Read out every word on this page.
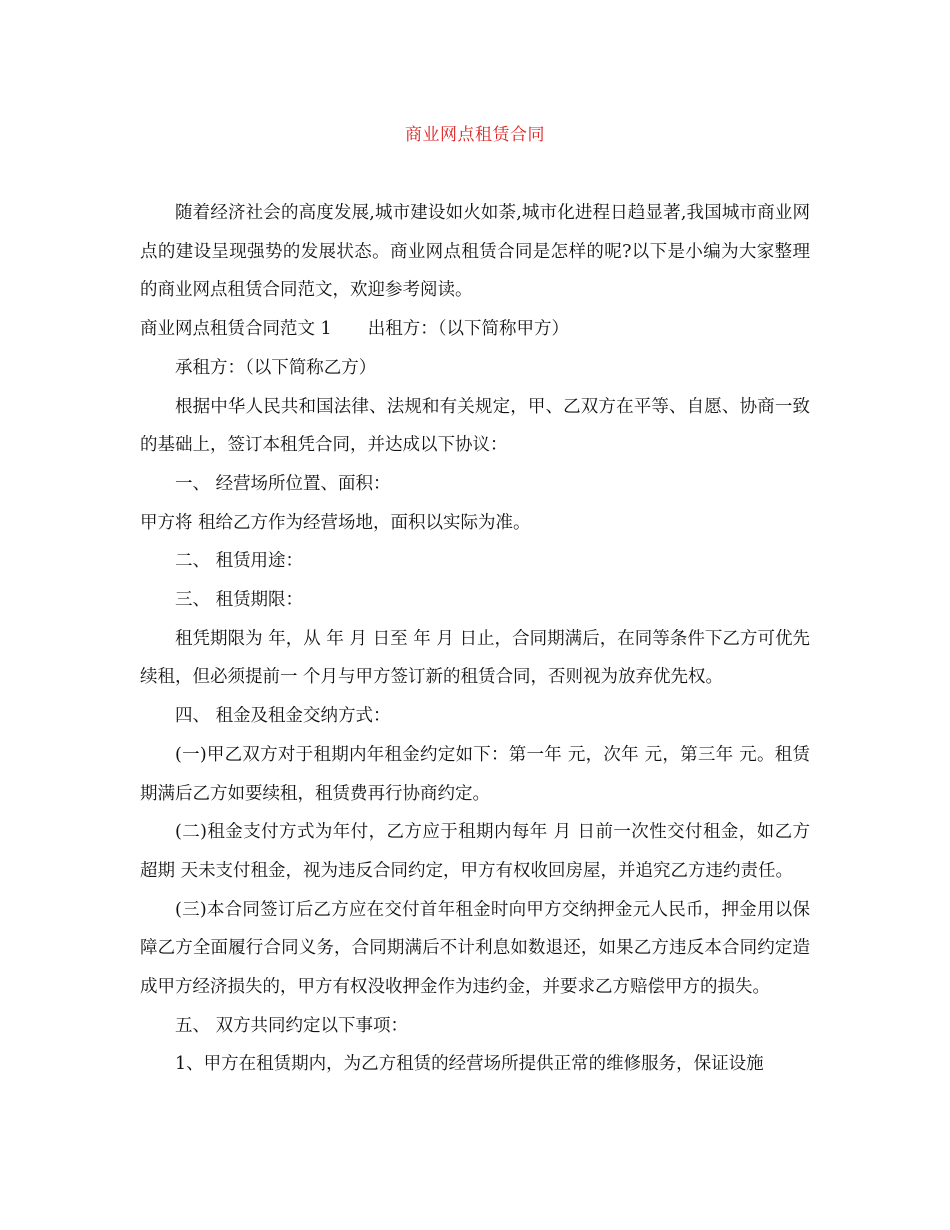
商业网点租赁合同

随着经济社会的高度发展,城市建设如火如荼,城市化进程日趋显著,我国城市商业网点的建设呈现强势的发展状态。商业网点租赁合同是怎样的呢?以下是小编为大家整理的商业网点租赁合同范文，欢迎参考阅读。

商业网点租赁合同范文 1 出租方：（以下简称甲方）

承租方：（以下简称乙方）

根据中华人民共和国法律、法规和有关规定，甲、乙双方在平等、自愿、协商一致的基础上，签订本租凭合同，并达成以下协议：

一、 经营场所位置、面积：

甲方将 租给乙方作为经营场地，面积以实际为准。

二、 租赁用途：

三、 租赁期限：

租凭期限为 年，从 年 月 日至 年 月 日止，合同期满后，在同等条件下乙方可优先续租，但必须提前一 个月与甲方签订新的租赁合同，否则视为放弃优先权。

四、 租金及租金交纳方式：

(一)甲乙双方对于租期内年租金约定如下：第一年 元，次年 元，第三年 元。租赁期满后乙方如要续租，租赁费再行协商约定。

(二)租金支付方式为年付，乙方应于租期内每年 月 日前一次性交付租金，如乙方超期 天未支付租金，视为违反合同约定，甲方有权收回房屋，并追究乙方违约责任。

(三)本合同签订后乙方应在交付首年租金时向甲方交纳押金元人民币，押金用以保障乙方全面履行合同义务，合同期满后不计利息如数退还，如果乙方违反本合同约定造成甲方经济损失的，甲方有权没收押金作为违约金，并要求乙方赔偿甲方的损失。

五、 双方共同约定以下事项：

1、甲方在租赁期内，为乙方租赁的经营场所提供正常的维修服务，保证设施
